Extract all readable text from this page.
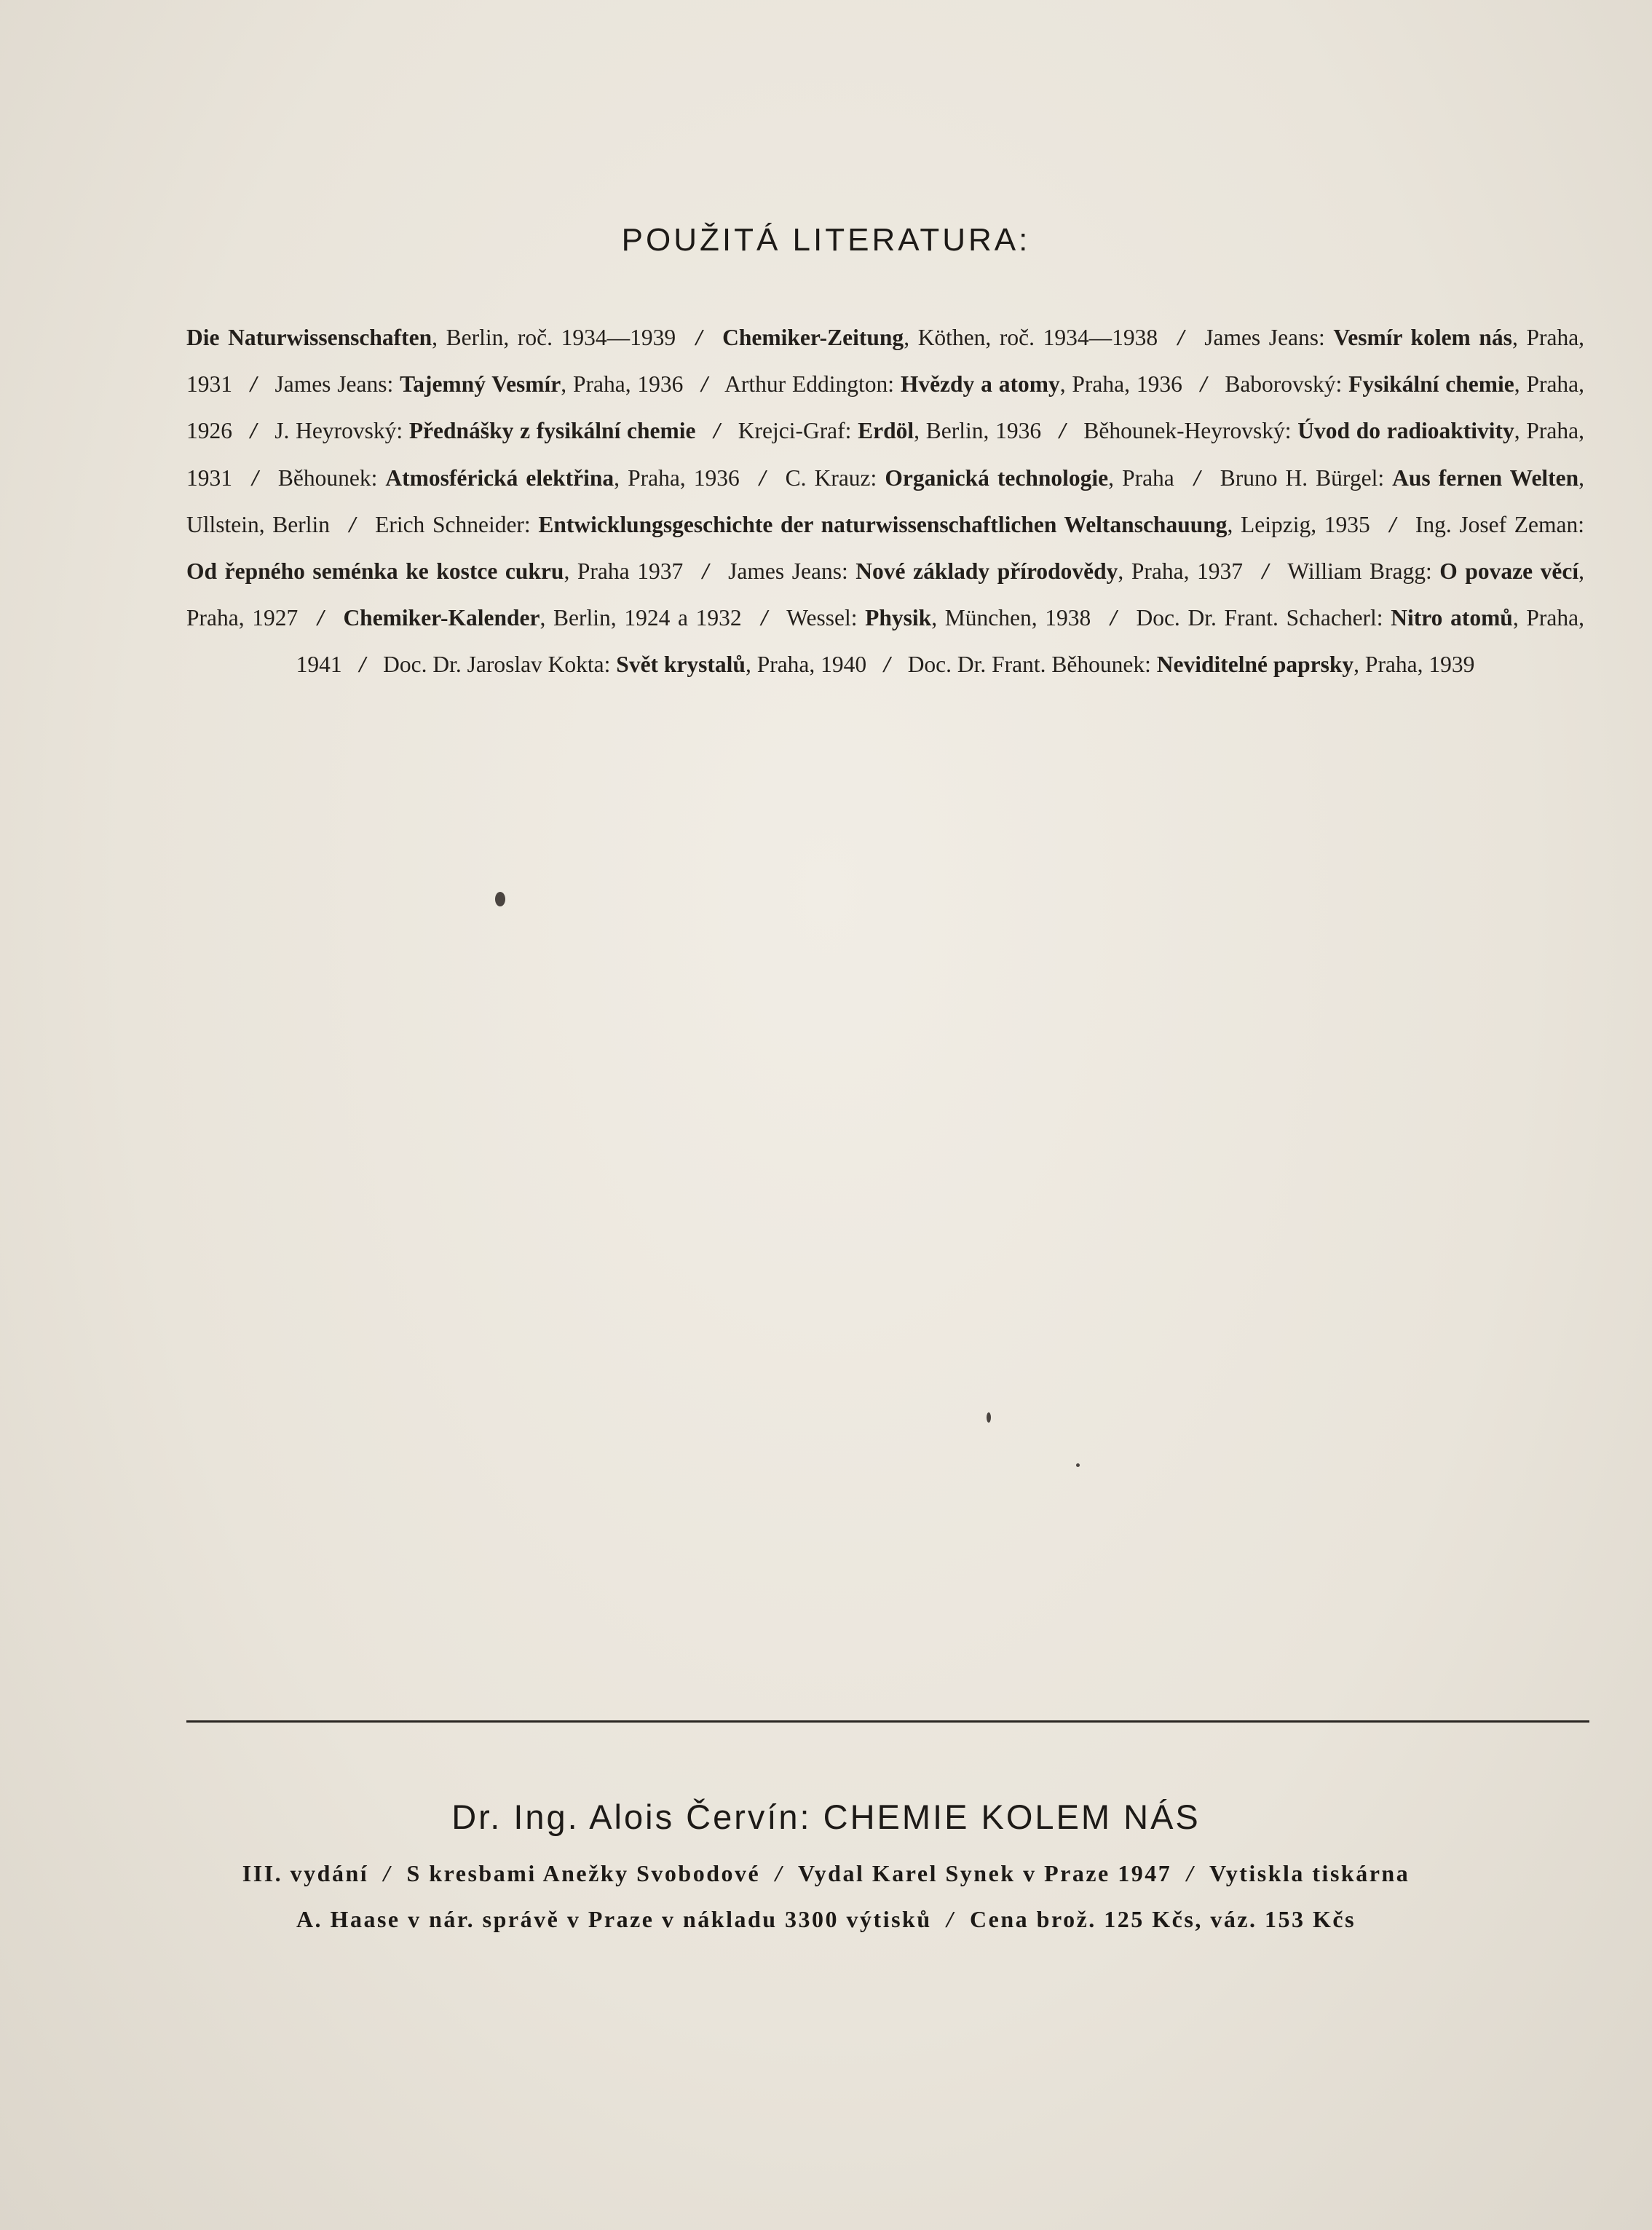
POUŽITÁ LITERATURA:
Die Naturwissenschaften, Berlin, roč. 1934—1939 / Chemiker-Zeitung, Köthen, roč. 1934—1938 / James Jeans: Vesmír kolem nás, Praha, 1931 / James Jeans: Tajemný Vesmír, Praha, 1936 / Arthur Eddington: Hvězdy a atomy, Praha, 1936 / Baborovský: Fysikální chemie, Praha, 1926 / J. Heyrovský: Přednášky z fysikální chemie / Krejci-Graf: Erdöl, Berlin, 1936 / Běhounek-Heyrovský: Úvod do radioaktivity, Praha, 1931 / Běhounek: Atmosférická elektřina, Praha, 1936 / C. Krauz: Organická technologie, Praha / Bruno H. Bürgel: Aus fernen Welten, Ullstein, Berlin / Erich Schneider: Entwicklungsgeschichte der naturwissenschaftlichen Weltanschauung, Leipzig, 1935 / Ing. Josef Zeman: Od řepného seménka ke kostce cukru, Praha 1937 / James Jeans: Nové základy přírodovědy, Praha, 1937 / William Bragg: O povaze věcí, Praha, 1927 / Chemiker-Kalender, Berlin, 1924 a 1932 / Wessel: Physik, München, 1938 / Doc. Dr. Frant. Schacherl: Nitro atomů, Praha, 1941 / Doc. Dr. Jaroslav Kokta: Svět krystalů, Praha, 1940 / Doc. Dr. Frant. Běhounek: Neviditelné paprsky, Praha, 1939
Dr. Ing. Alois Červín: CHEMIE KOLEM NÁS
III. vydání / S kresbami Anežky Svobodové / Vydal Karel Synek v Praze 1947 / Vytiskla tiskárna
A. Haase v nár. správě v Praze v nákladu 3300 výtisků / Cena brož. 125 Kčs, váz. 153 Kčs
